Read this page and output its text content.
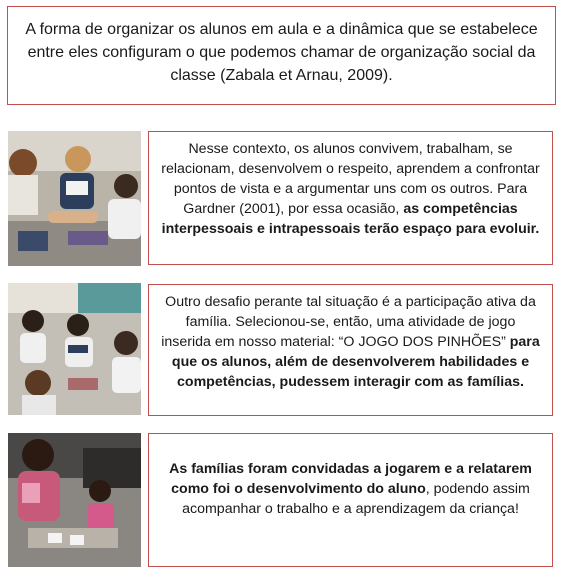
A forma de organizar os alunos em aula e a dinâmica que se estabelece entre eles configuram o que podemos chamar de organização social da classe (Zabala et Arnau, 2009).
Nesse contexto, os alunos convivem, trabalham, se relacionam, desenvolvem o respeito, aprendem a confrontar pontos de vista e a argumentar uns com os outros. Para Gardner (2001), por essa ocasião, as competências interpessoais e intrapessoais terão espaço para evoluir.
Outro desafio perante tal situação é a participação ativa da família. Selecionou-se, então, uma atividade de jogo inserida em nosso material: “O JOGO DOS PINHÕES” para que os alunos, além de desenvolverem habilidades e competências, pudessem interagir com as famílias.
As famílias foram convidadas a jogarem e a relatarem como foi o desenvolvimento do aluno, podendo assim acompanhar o trabalho e a aprendizagem da criança!
